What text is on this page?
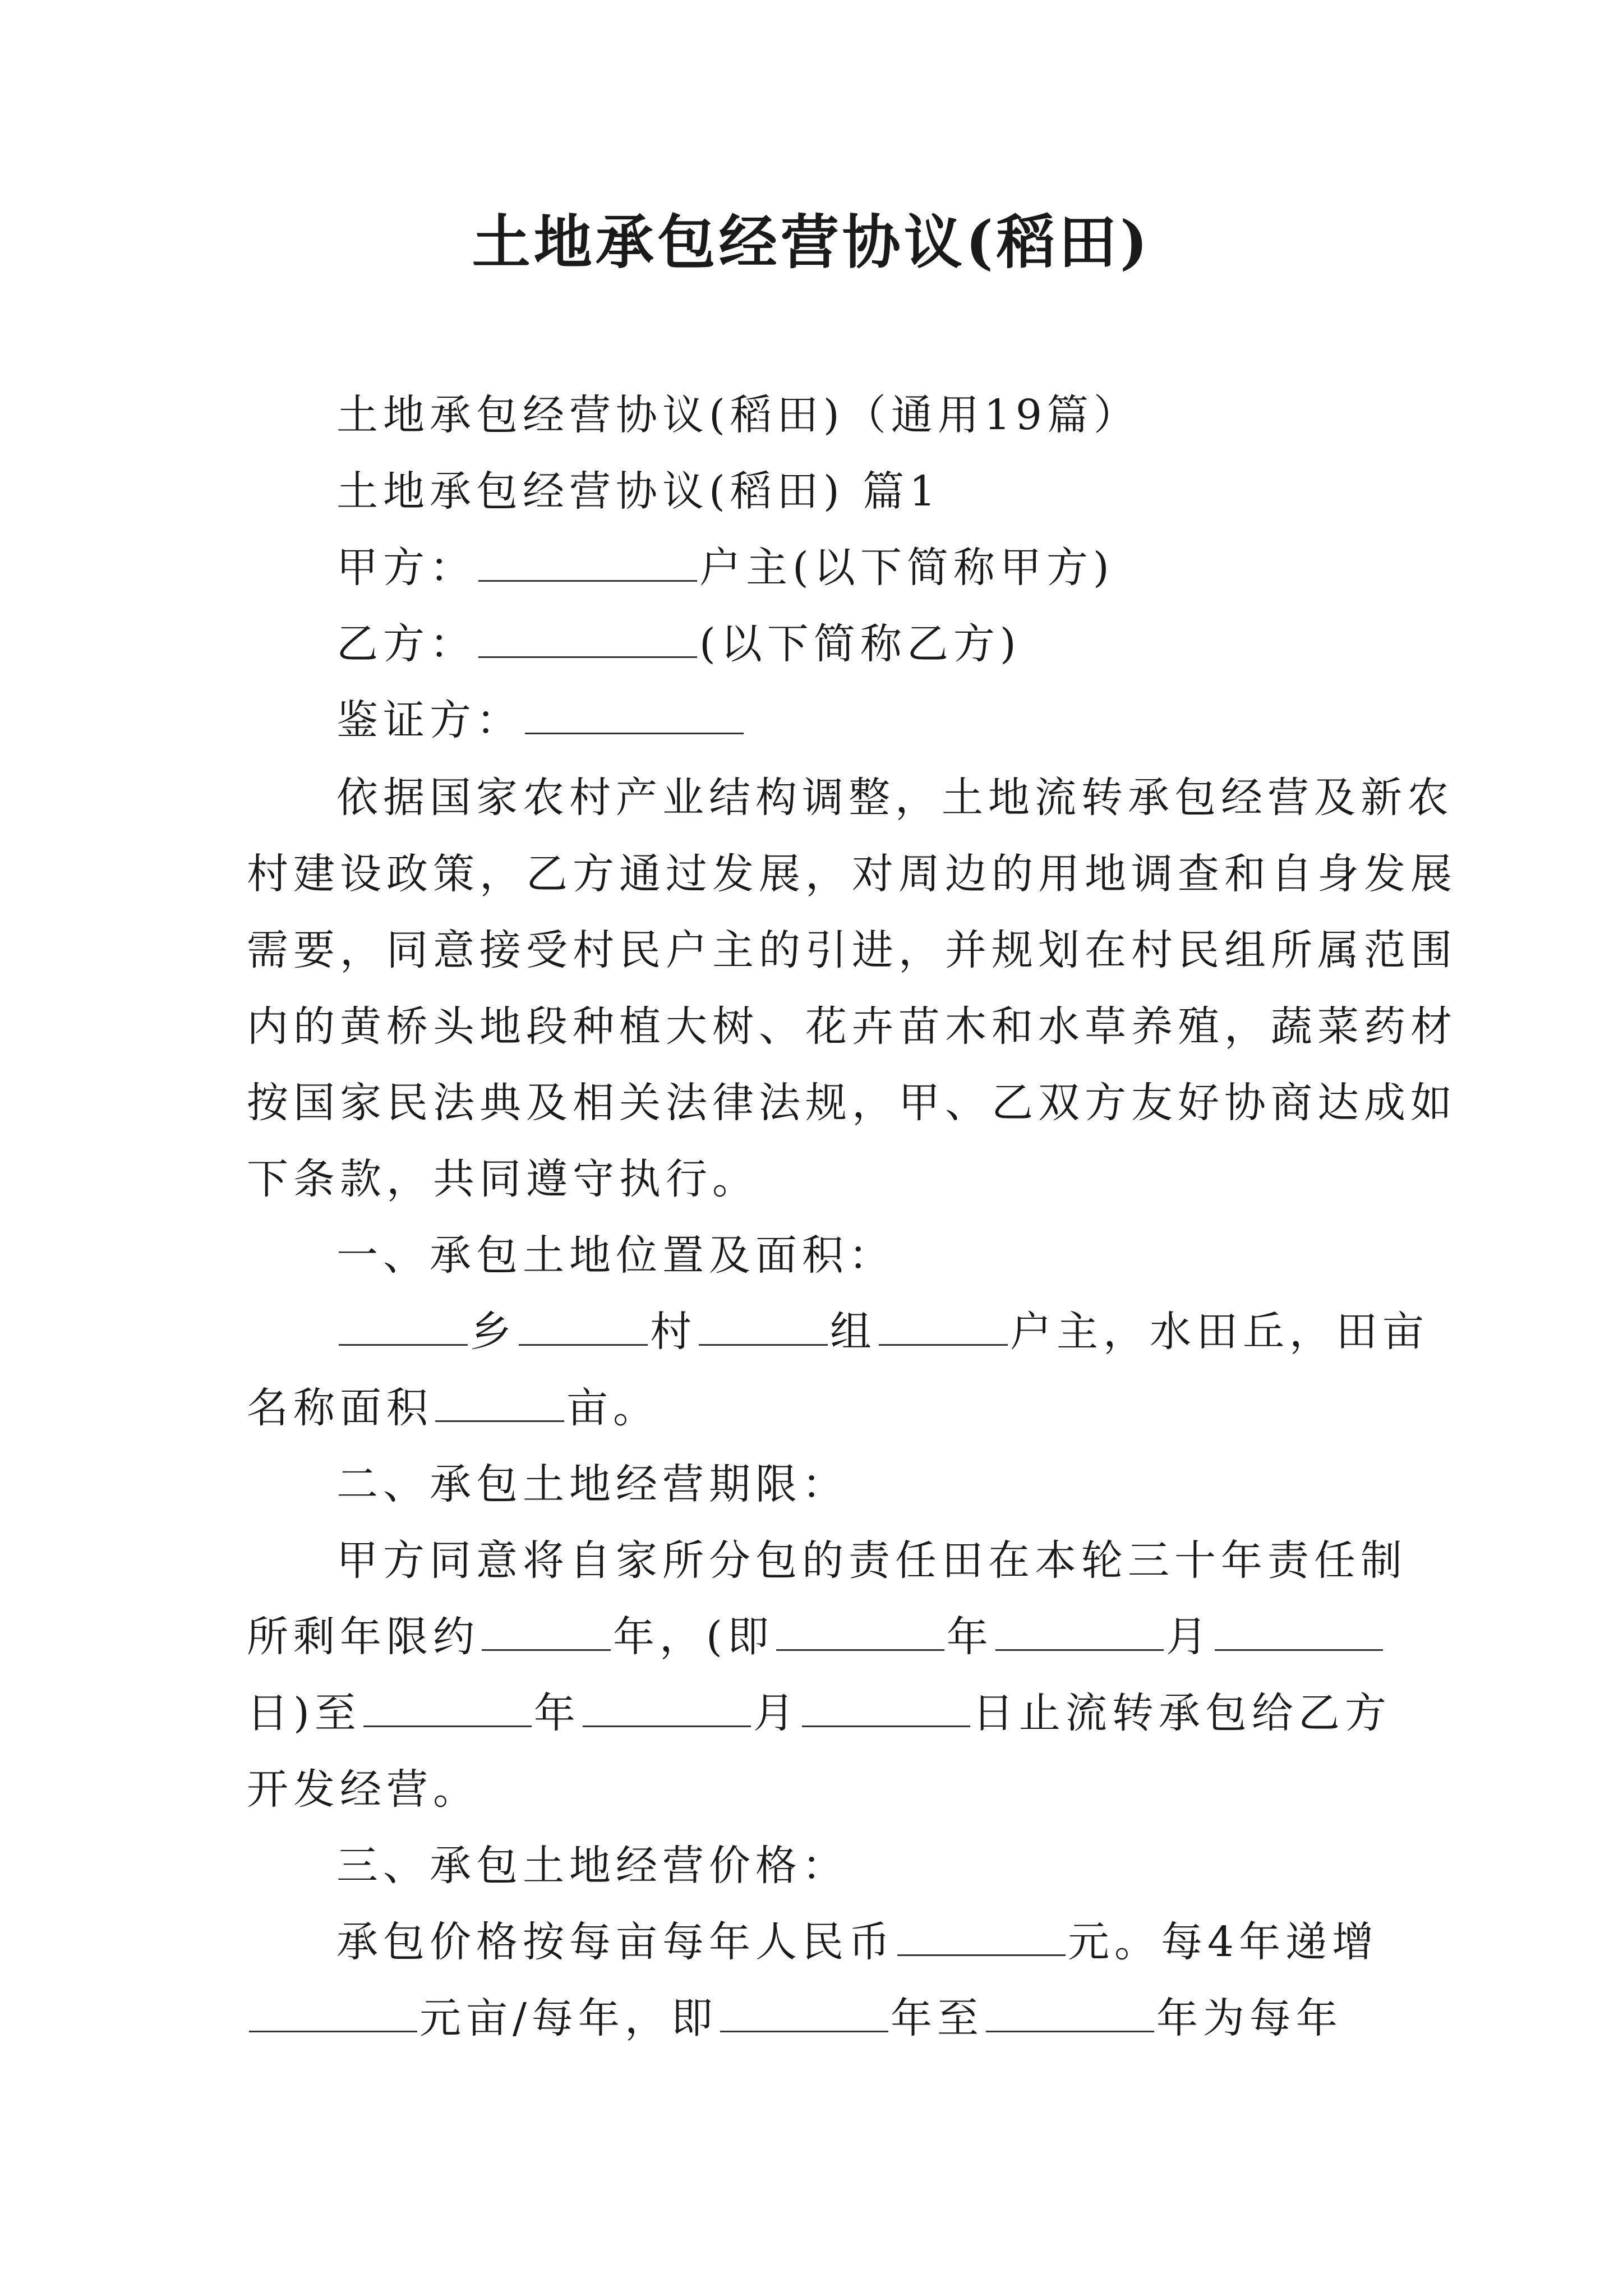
土地承包经营协议(稻田)
土地承包经营协议(稻田)（通用19篇）
土地承包经营协议(稻田) 篇1
甲方：	户主(以下简称甲方)
乙方：	(以下简称乙方)
鉴证方：
依据国家农村产业结构调整，土地流转承包经营及新农
村建设政策，乙方通过发展，对周边的用地调查和自身发展
需要，同意接受村民户主的引进，并规划在村民组所属范围
内的黄桥头地段种植大树、花卉苗木和水草养殖，蔬菜药材
按国家民法典及相关法律法规，甲、乙双方友好协商达成如
下条款，共同遵守执行。
一、承包土地位置及面积：
乡	村	组	户主，水田丘，田亩
名称面积	亩。
二、承包土地经营期限：
甲方同意将自家所分包的责任田在本轮三十年责任制
所剩年限约	年，(即	年	月
日)至	年	月	日止流转承包给乙方
开发经营。
三、承包土地经营价格：
承包价格按每亩每年人民币	元。每4年递增
元亩/每年，即	年至	年为每年
